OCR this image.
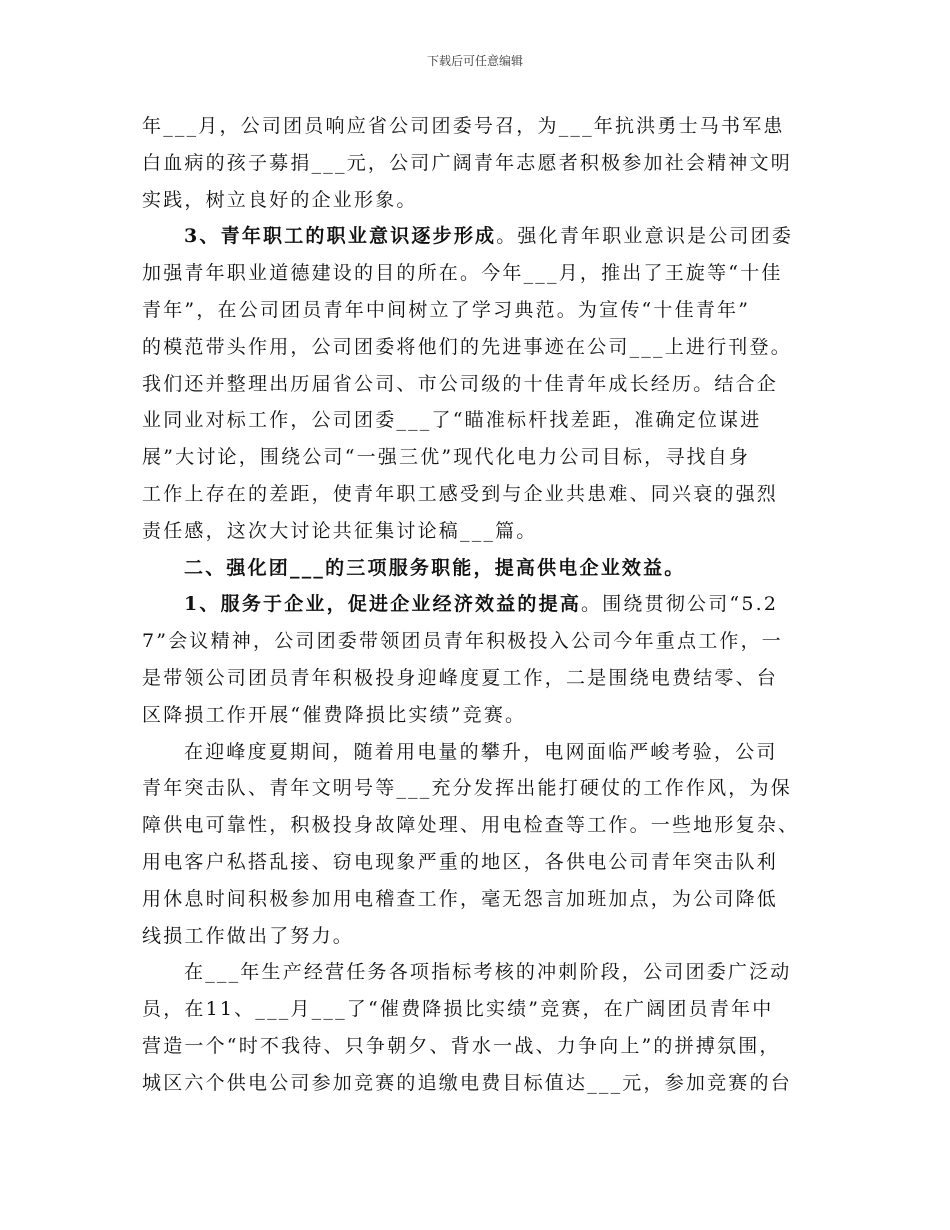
下载后可任意编辑
年___月，公司团员响应省公司团委号召，为___年抗洪勇士马书军患
白血病的孩子募捐___元，公司广阔青年志愿者积极参加社会精神文明
实践，树立良好的企业形象。
3、青年职工的职业意识逐步形成。强化青年职业意识是公司团委
加强青年职业道德建设的目的所在。今年___月，推出了王旋等“十佳
青年”，在公司团员青年中间树立了学习典范。为宣传“十佳青年”
的模范带头作用，公司团委将他们的先进事迹在公司___上进行刊登。
我们还并整理出历届省公司、市公司级的十佳青年成长经历。结合企
业同业对标工作，公司团委___了“瞄准标杆找差距，准确定位谋进
展”大讨论，围绕公司“一强三优”现代化电力公司目标，寻找自身
工作上存在的差距，使青年职工感受到与企业共患难、同兴衰的强烈
责任感，这次大讨论共征集讨论稿___篇。
二、强化团___的三项服务职能，提高供电企业效益。
1、服务于企业，促进企业经济效益的提高。围绕贯彻公司“5.2
7”会议精神，公司团委带领团员青年积极投入公司今年重点工作，一
是带领公司团员青年积极投身迎峰度夏工作，二是围绕电费结零、台
区降损工作开展“催费降损比实绩”竞赛。
在迎峰度夏期间，随着用电量的攀升，电网面临严峻考验，公司
青年突击队、青年文明号等___充分发挥出能打硬仗的工作作风，为保
障供电可靠性，积极投身故障处理、用电检查等工作。一些地形复杂、
用电客户私搭乱接、窃电现象严重的地区，各供电公司青年突击队利
用休息时间积极参加用电稽查工作，毫无怨言加班加点，为公司降低
线损工作做出了努力。
在___年生产经营任务各项指标考核的冲刺阶段，公司团委广泛动
员，在11、___月___了“催费降损比实绩”竞赛，在广阔团员青年中
营造一个“时不我待、只争朝夕、背水一战、力争向上”的拼搏氛围，
城区六个供电公司参加竞赛的追缴电费目标值达___元，参加竞赛的台
